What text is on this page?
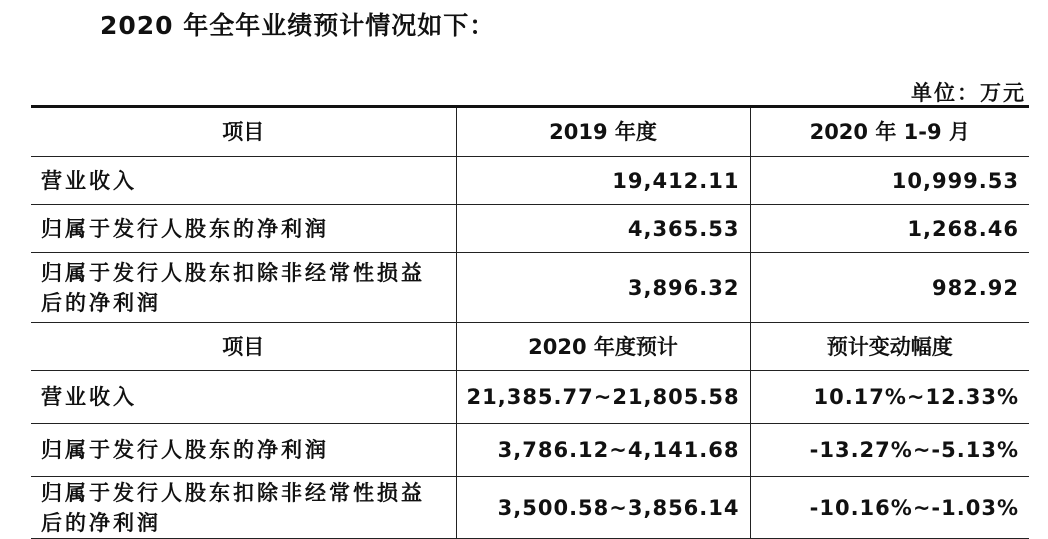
2020 年全年业绩预计情况如下：
单位：万元
项目	2019 年度	2020 年 1-9 月
营业收入	19,412.11	10,999.53
归属于发行人股东的净利润	4,365.53	1,268.46
归属于发行人股东扣除非经常性损益后的净利润	3,896.32	982.92
项目	2020 年度预计	预计变动幅度
营业收入	21,385.77~21,805.58	10.17%~12.33%
归属于发行人股东的净利润	3,786.12~4,141.68	-13.27%~-5.13%
归属于发行人股东扣除非经常性损益后的净利润	3,500.58~3,856.14	-10.16%~-1.03%
